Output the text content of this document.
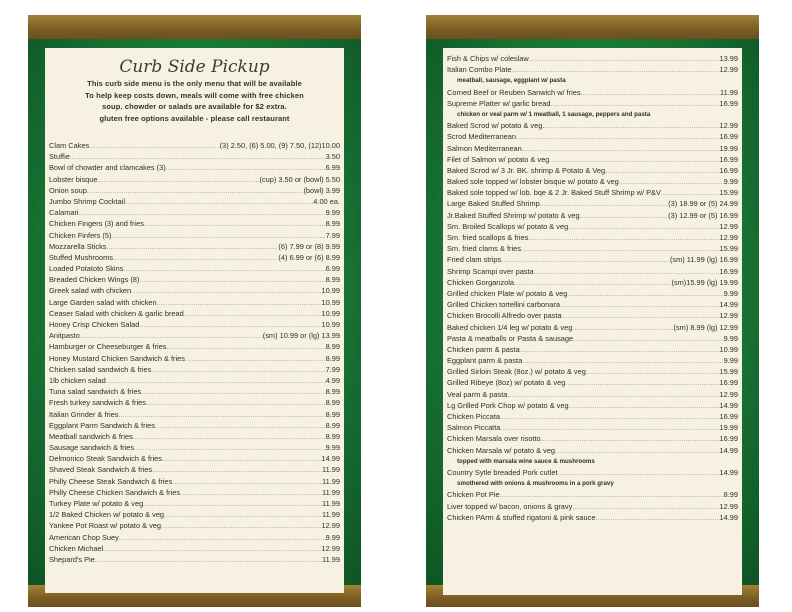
Curb Side Pickup
This curb side menu is the only menu that will be available
To help keep costs down, meals will come with free chicken
soup. chowder or salads are available for $2 extra.
gluten free options available - please call restaurant
Clam Cakes .....	(3) 2.50, (6) 5.00, (9) 7.50, (12)10.00
Stuffie .....	3.50
Bowl of chowder and clamcakes (3) .....	6.99
Lobster bisque .....	(cup) 3.50 or (bowl) 5.50
Onion soup .....	(bowl) 3.99
Jumbo Shrimp Cocktail .....	4.00 ea.
Calamari .....	9.99
Chicken Fingers (3) and fries .....	8.99
Chicken Finfers (5) .....	7.99
Mozzarella Sticks .....	(6) 7.99 or (8) 9.99
Stuffed Mushrooms .....	(4) 6.99 or (6) 8.99
Loaded Potatoto Skins .....	6.99
Breaded Chicken Wings (8) .....	8.99
Greek salad with chicken .....	10.99
Large Garden salad with chicken .....	10.99
Ceaser Salad with chicken & garlic bread .....	10.99
Honey Crisp Chicken Salad .....	10.99
Anitpasto .....	(sm) 10.99 or (lg) 13.99
Hamburger or Cheeseburger & fries .....	8.99
Honey Mustard Chicken Sandwich & fries .....	8.99
Chicken salad sandwich & fries .....	7.99
1lb chicken salad .....	4.99
Tuna salad sandwich & fries .....	8.99
Fresh turkey sandwich & fries .....	8.99
Italian Grinder & fries .....	8.99
Eggplant Parm Sandwich & fries .....	8.99
Meatball sandwich & fries .....	8.99
Sausage sandwich & fries .....	9.99
Delmonico Steak Sandwich & fries .....	14.99
Shaved Steak Sandwich & fries .....	11.99
Philly Cheese Steak Sandwich & fries .....	11.99
Philly Cheese Chicken Sandwich & fries .....	11.99
Turkey Plate w/ potato & veg .....	11.99
1/2 Baked Chicken w/ potato & veg .....	11.99
Yankee Pot Roast w/ potato & veg .....	12.99
American Chop Suey .....	9.99
Chicken Michael .....	12.99
Shepard's Pie .....	11.99
Fish & Chips w/ coleslaw .....	13.99
Italian Combo Plate .....	12.99
meatball, sausage, eggplant w/ pasta
Corned Beef or Reuben Sanwich w/ fries .....	11.99
Supreme Platter w/ garlic bread .....	16.99
chicken or veal parm w/ 1 meatball, 1 sausage, peppers and pasta
Baked Scrod w/ potato & veg. .....	12.99
Scrod Mediterranean .....	16.99
Salmon Mediterranean .....	19.99
Filet of Salmon w/ potato & veg .....	16.99
Baked Scrod w/ 3 Jr. BK. shrimp & Potato & Veg .....	16.99
Baked sole topped w/ lobster bisque w/ potato & veg .....	9.99
Baked sole topped w/ lob. bqe & 2 Jr. Baked Stuff Shrimp w/ P&V .....	15.99
Large Baked Stuffed Shrimp .....	(3) 18.99 or (5) 24.99
Jr.Baked Stuffed Shrimp w/ potato & veg .....	(3) 12.99 or (5) 16.99
Sm. Broiled Scallops w/ potato & veg .....	12.99
Sm. fried scallops & fries .....	12.99
Sm. fried clams & fries .....	15.99
Fried clam strips .....	(sm) 11.99 (lg) 16.99
Shrimp Scampi over pasta .....	16.99
Chicken Gorganzola .....	(sm)15.99 (lg) 19.99
Grilled chicken Plate w/ potato & veg .....	9.99
Grilled Chicken tortellini carbonara .....	14.99
Chicken Brocolli Alfredo over pasta .....	12.99
Baked chicken 1/4 leg w/ potato & veg .....	(sm) 8.99 (lg) 12.99
Pasta & meatballs or Pasta & sausage .....	9.99
Chicken parm & pasta .....	10.99
Eggplant parm & pasta .....	9.99
Grilled Sirloin Steak (8oz.) w/ potato & veg .....	15.99
Grilled Ribeye (8oz) w/ potato & veg .....	16.99
Veal parm & pasta .....	12.99
Lg Grilled Pork Chop w/ potato & veg .....	14.99
Chicken Piccata .....	16.99
Salmon Piccatta .....	19.99
Chicken Marsala over risotto .....	16.99
Chicken Marsala w/ potato & veg .....	14.99
topped with marsala wine sauce & mushrooms
Country Sytle breaded Pork cutlet .....	14.99
smothered with onions & mushrooms in a pork gravy
Chicken Pot Pie .....	8.99
Liver topped w/ bacon, onions & gravy .....	12.99
Chicken PArm & stuffed rigatoni & pink sauce .....	14.99
